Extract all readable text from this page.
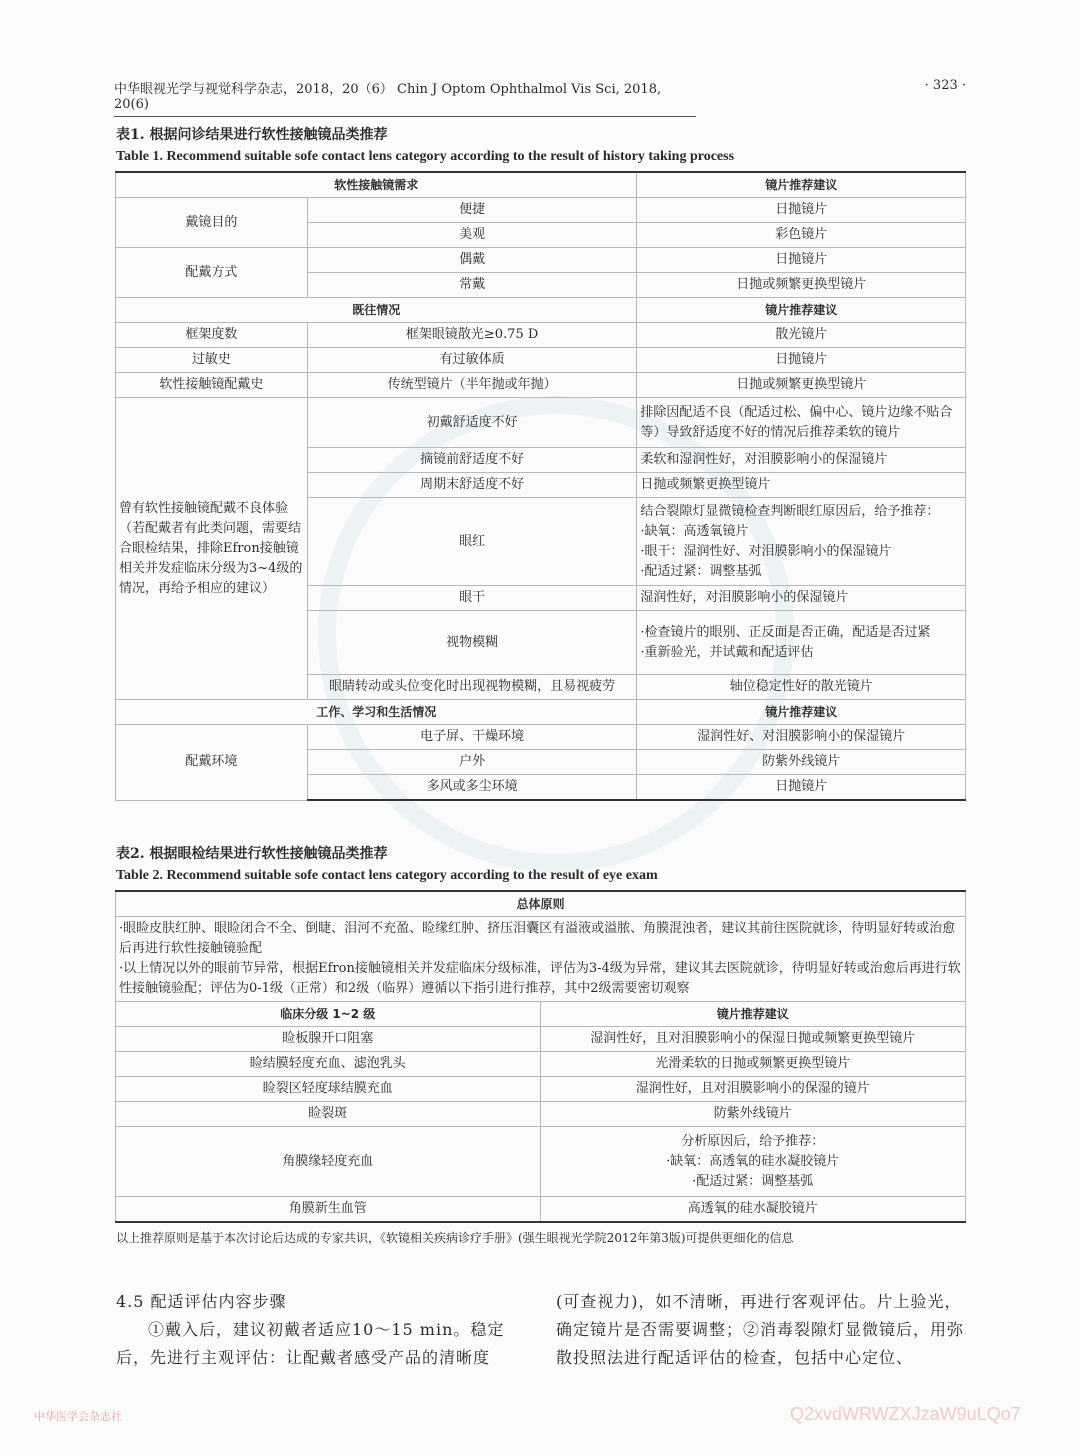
中华眼视光学与视觉科学杂志，2018，20（6） Chin J Optom Ophthalmol Vis Sci, 2018, 20(6)
· 323 ·
表1. 根据问诊结果进行软性接触镜品类推荐
Table 1. Recommend suitable sofe contact lens category according to the result of history taking process
软性接触镜需求		镜片推荐建议
戴镜目的	便捷	日抛镜片
	美观	彩色镜片
配戴方式	偶戴	日抛镜片
	常戴	日抛或频繁更换型镜片
既往情况		镜片推荐建议
框架度数	框架眼镜散光≥0.75 D	散光镜片
过敏史	有过敏体质	日抛镜片
软性接触镜配戴史	传统型镜片（半年抛或年抛）	日抛或频繁更换型镜片
曾有软性接触镜配戴不良体验（若配戴者有此类问题，需要结合眼检结果，排除Efron接触镜相关并发症临床分级为3~4级的情况，再给予相应的建议）	初戴舒适度不好	排除因配适不良（配适过松、偏中心、镜片边缘不贴合等）导致舒适度不好的情况后推荐柔软的镜片
	摘镜前舒适度不好	柔软和湿润性好，对泪膜影响小的保湿镜片
	周期末舒适度不好	日抛或频繁更换型镜片
	眼红	结合裂隙灯显微镜检查判断眼红原因后，给予推荐：
·缺氧：高透氧镜片
·眼干：湿润性好、对泪膜影响小的保湿镜片
·配适过紧：调整基弧

	眼干	湿润性好，对泪膜影响小的保湿镜片
	视物模糊	·检查镜片的眼别、正反面是否正确，配适是否过紧
·重新验光，并试戴和配适评估

	眼睛转动或头位变化时出现视物模糊，且易视疲劳	轴位稳定性好的散光镜片
工作、学习和生活情况		镜片推荐建议
配戴环境	电子屏、干燥环境	湿润性好、对泪膜影响小的保湿镜片
	户外	防紫外线镜片
	多风或多尘环境	日抛镜片
表2. 根据眼检结果进行软性接触镜品类推荐
Table 2. Recommend suitable sofe contact lens category according to the result of eye exam
总体原则	

·眼睑皮肤红肿、眼睑闭合不全、倒睫、泪河不充盈、睑缘红肿、挤压泪囊区有溢液或溢脓、角膜混浊者，建议其前往医院就诊，待明显好转或治愈后再进行软性接触镜验配
·以上情况以外的眼前节异常，根据Efron接触镜相关并发症临床分级标准，评估为3-4级为异常，建议其去医院就诊，待明显好转或治愈后再进行软性接触镜验配；评估为0-1级（正常）和2级（临界）遵循以下指引进行推荐，其中2级需要密切观察	

临床分级 1~2 级	镜片推荐建议
睑板腺开口阻塞	湿润性好，且对泪膜影响小的保湿日抛或频繁更换型镜片
睑结膜轻度充血、滤泡乳头	光滑柔软的日抛或频繁更换型镜片
睑裂区轻度球结膜充血	湿润性好，且对泪膜影响小的保湿的镜片
睑裂斑	防紫外线镜片
角膜缘轻度充血	分析原因后，给予推荐：
·缺氧：高透氧的硅水凝胶镜片
·配适过紧：调整基弧

角膜新生血管	高透氧的硅水凝胶镜片
以上推荐原则是基于本次讨论后达成的专家共识，《软镜相关疾病诊疗手册》(强生眼视光学院2012年第3版)可提供更细化的信息
4.5 配适评估内容步骤
①戴入后，建议初戴者适应10～15 min。稳定后，先进行主观评估：让配戴者感受产品的清晰度
(可查视力)，如不清晰，再进行客观评估。片上验光，确定镜片是否需要调整；②消毒裂隙灯显微镜后，用弥散投照法进行配适评估的检查，包括中心定位、
中华医学会杂志社	Q2xvdWRWZXJzaW9uLQo7
